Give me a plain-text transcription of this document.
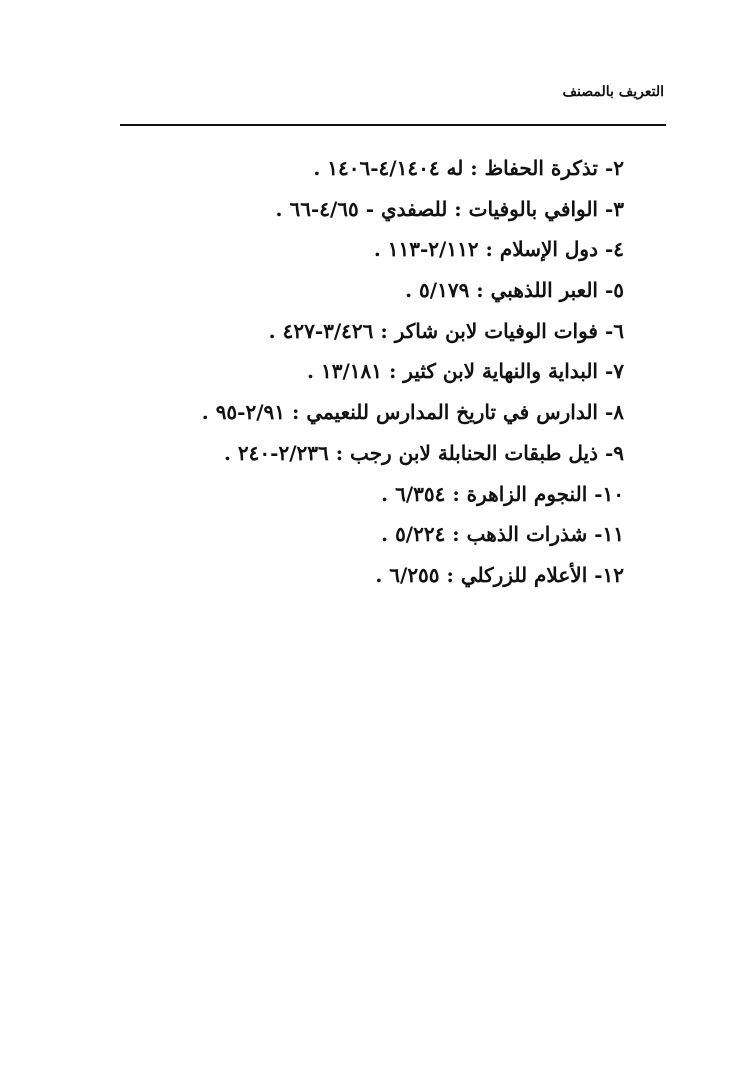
التعريف بالمصنف
٢- تذكرة الحفاظ : له ٤/١٤٠٤-١٤٠٦ .
٣- الوافي بالوفيات : للصفدي - ٤/٦٥-٦٦ .
٤- دول الإسلام : ٢/١١٢-١١٣ .
٥- العبر اللذهبي : ٥/١٧٩ .
٦- فوات الوفيات لابن شاكر : ٣/٤٢٦-٤٢٧ .
٧- البداية والنهاية لابن كثير : ١٣/١٨١ .
٨- الدارس في تاريخ المدارس للنعيمي : ٢/٩١-٩٥ .
٩- ذيل طبقات الحنابلة لابن رجب : ٢/٢٣٦-٢٤٠ .
١٠- النجوم الزاهرة : ٦/٣٥٤ .
١١- شذرات الذهب : ٥/٢٢٤ .
١٢- الأعلام للزركلي : ٦/٢٥٥ .
